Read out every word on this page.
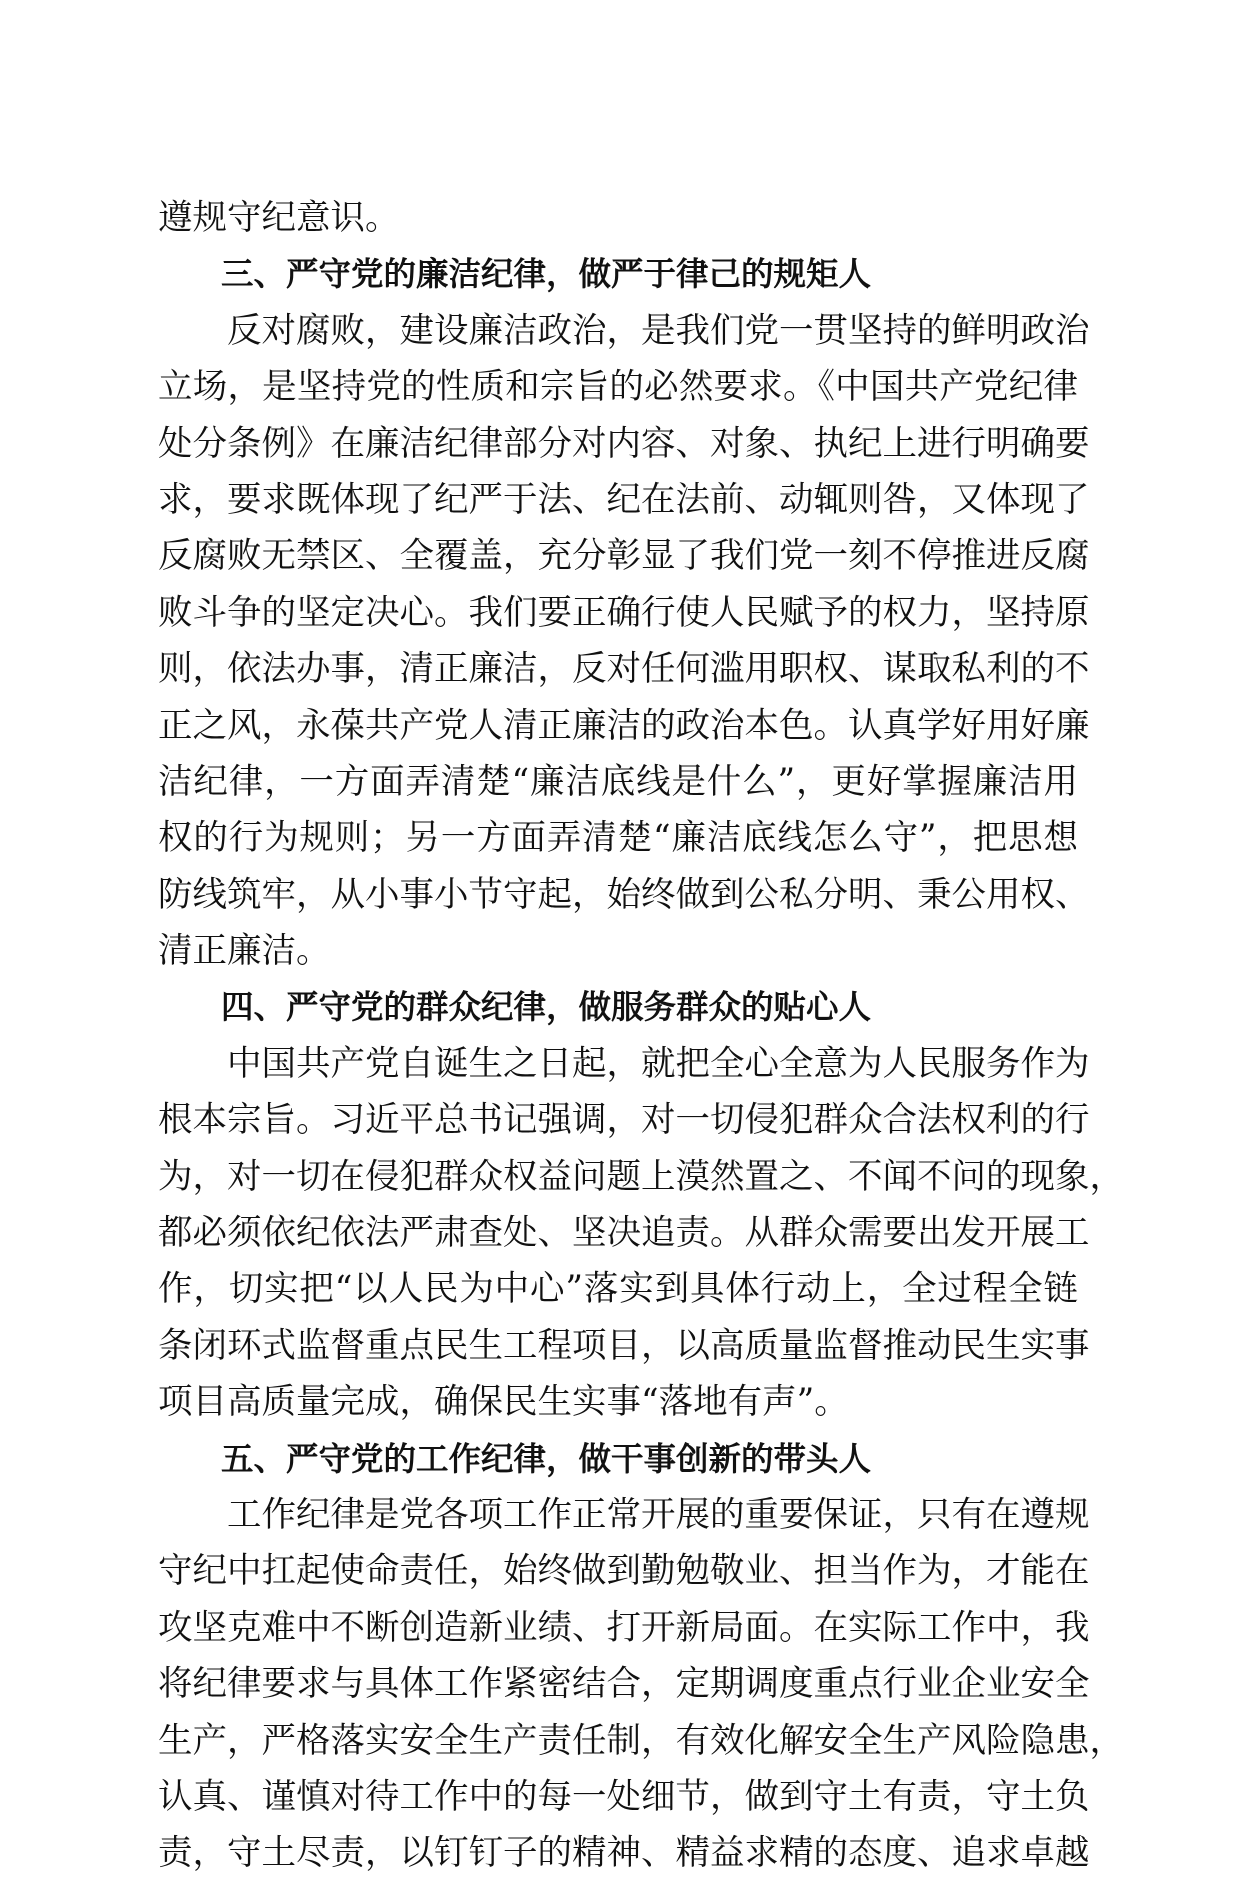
遵规守纪意识。
三、严守党的廉洁纪律，做严于律己的规矩人
反对腐败，建设廉洁政治，是我们党一贯坚持的鲜明政治
立场，是坚持党的性质和宗旨的必然要求。《中国共产党纪律
处分条例》在廉洁纪律部分对内容、对象、执纪上进行明确要
求，要求既体现了纪严于法、纪在法前、动辄则咎，又体现了
反腐败无禁区、全覆盖，充分彰显了我们党一刻不停推进反腐
败斗争的坚定决心。我们要正确行使人民赋予的权力，坚持原
则，依法办事，清正廉洁，反对任何滥用职权、谋取私利的不
正之风，永葆共产党人清正廉洁的政治本色。认真学好用好廉
洁纪律，一方面弄清楚“廉洁底线是什么”，更好掌握廉洁用
权的行为规则；另一方面弄清楚“廉洁底线怎么守”，把思想
防线筑牢，从小事小节守起，始终做到公私分明、秉公用权、
清正廉洁。
四、严守党的群众纪律，做服务群众的贴心人
中国共产党自诞生之日起，就把全心全意为人民服务作为
根本宗旨。习近平总书记强调，对一切侵犯群众合法权利的行
为，对一切在侵犯群众权益问题上漠然置之、不闻不问的现象，
都必须依纪依法严肃查处、坚决追责。从群众需要出发开展工
作，切实把“以人民为中心”落实到具体行动上，全过程全链
条闭环式监督重点民生工程项目，以高质量监督推动民生实事
项目高质量完成，确保民生实事“落地有声”。
五、严守党的工作纪律，做干事创新的带头人
工作纪律是党各项工作正常开展的重要保证，只有在遵规
守纪中扛起使命责任，始终做到勤勉敬业、担当作为，才能在
攻坚克难中不断创造新业绩、打开新局面。在实际工作中，我
将纪律要求与具体工作紧密结合，定期调度重点行业企业安全
生产，严格落实安全生产责任制，有效化解安全生产风险隐患，
认真、谨慎对待工作中的每一处细节，做到守土有责，守土负
责，守土尽责，以钉钉子的精神、精益求精的态度、追求卓越
